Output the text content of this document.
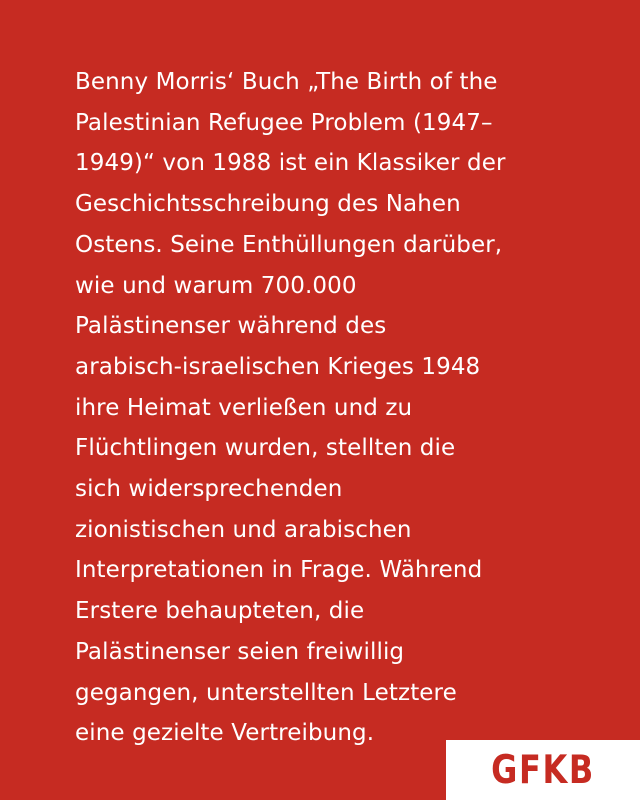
Benny Morris‘ Buch „The Birth of the
Palestinian Refugee Problem (1947–
1949)“ von 1988 ist ein Klassiker der
Geschichtsschreibung des Nahen
Ostens. Seine Enthüllungen darüber,
wie und warum 700.000
Palästinenser während des
arabisch-israelischen Krieges 1948
ihre Heimat verließen und zu
Flüchtlingen wurden, stellten die
sich widersprechenden
zionistischen und arabischen
Interpretationen in Frage. Während
Erstere behaupteten, die
Palästinenser seien freiwillig
gegangen, unterstellten Letztere
eine gezielte Vertreibung.

GFKB
